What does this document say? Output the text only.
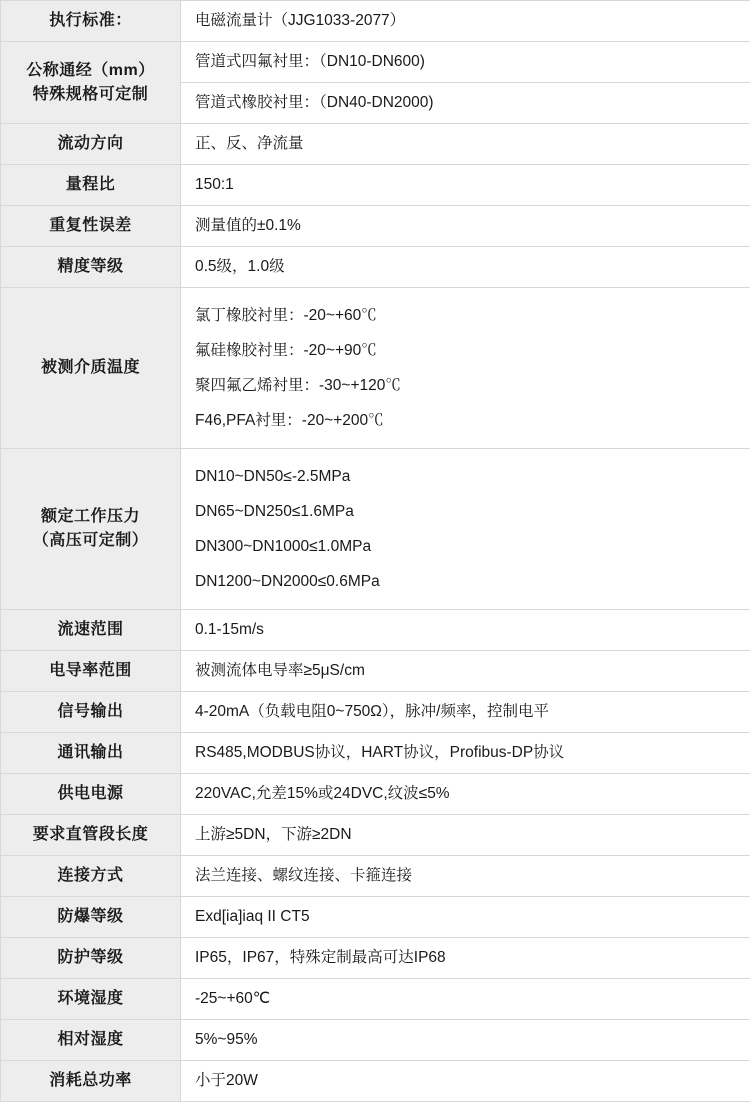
执行标准：	电磁流量计（JJG1033-2077）

公称通经（mm）
特殊规格可定制	管道式四氟衬里：（DN10-DN600)
	管道式橡胶衬里：（DN40-DN2000)

流动方向	正、反、净流量

量程比	150:1

重复性误差	测量值的±0.1%

精度等级	0.5级，1.0级

被测介质温度	氯丁橡胶衬里：-20~+60℃
氟硅橡胶衬里：-20~+90℃
聚四氟乙烯衬里：-30~+120℃
F46,PFA衬里：-20~+200℃

额定工作压力
（高压可定制）	DN10~DN50≤-2.5MPa
DN65~DN250≤1.6MPa
DN300~DN1000≤1.0MPa
DN1200~DN2000≤0.6MPa

流速范围	0.1-15m/s

电导率范围	被测流体电导率≥5μS/cm

信号输出	4-20mA（负载电阻0~750Ω），脉冲/频率，控制电平

通讯输出	RS485,MODBUS协议，HART协议，Profibus-DP协议

供电电源	220VAC,允差15%或24DVC,纹波≤5%

要求直管段长度	上游≥5DN，下游≥2DN

连接方式	法兰连接、螺纹连接、卡箍连接

防爆等级	Exd[ia]iaq II CT5

防护等级	IP65，IP67，特殊定制最高可达IP68

环境湿度	-25~+60℃

相对湿度	5%~95%

消耗总功率	小于20W
